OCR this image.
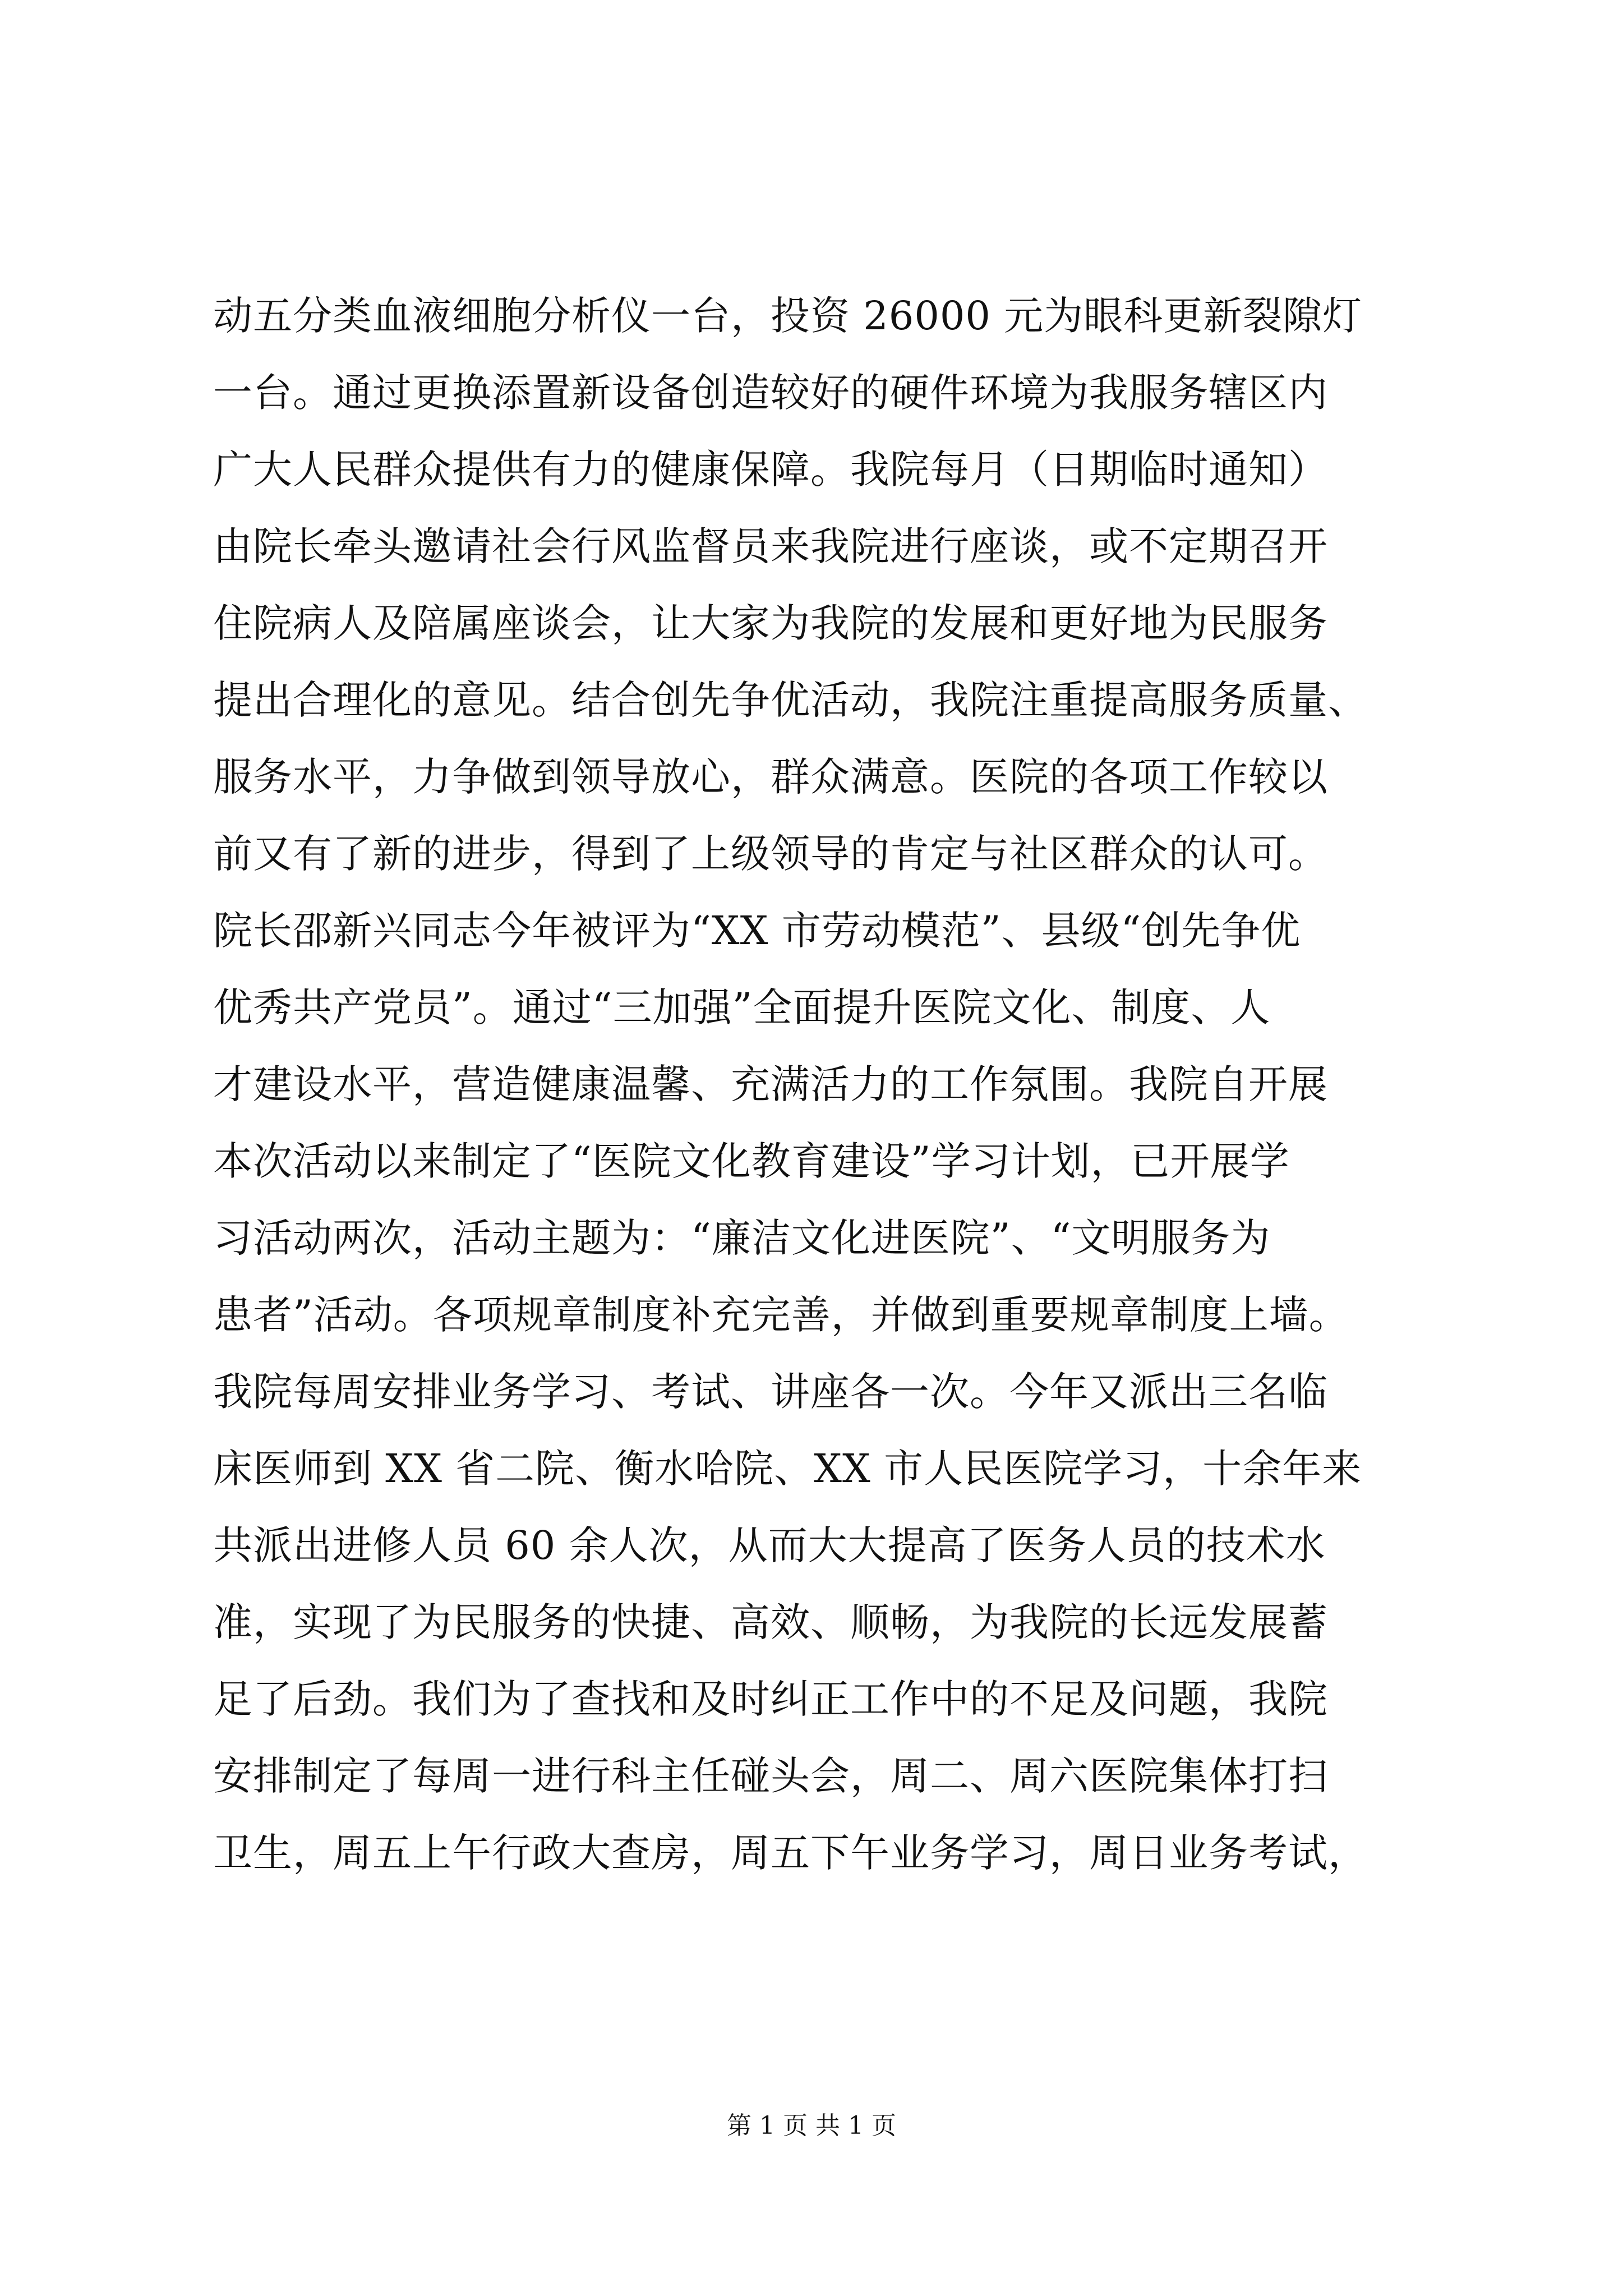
动五分类血液细胞分析仪一台，投资 26000 元为眼科更新裂隙灯
一台。通过更换添置新设备创造较好的硬件环境为我服务辖区内
广大人民群众提供有力的健康保障。我院每月（日期临时通知）
由院长牵头邀请社会行风监督员来我院进行座谈，或不定期召开
住院病人及陪属座谈会，让大家为我院的发展和更好地为民服务
提出合理化的意见。结合创先争优活动，我院注重提高服务质量、
服务水平，力争做到领导放心，群众满意。医院的各项工作较以
前又有了新的进步，得到了上级领导的肯定与社区群众的认可。
院长邵新兴同志今年被评为“XX 市劳动模范”、县级“创先争优
优秀共产党员”。通过“三加强”全面提升医院文化、制度、人
才建设水平，营造健康温馨、充满活力的工作氛围。我院自开展
本次活动以来制定了“医院文化教育建设”学习计划，已开展学
习活动两次，活动主题为：“廉洁文化进医院”、“文明服务为
患者”活动。各项规章制度补充完善，并做到重要规章制度上墙。
我院每周安排业务学习、考试、讲座各一次。今年又派出三名临
床医师到 XX 省二院、衡水哈院、XX 市人民医院学习，十余年来
共派出进修人员 60 余人次，从而大大提高了医务人员的技术水
准，实现了为民服务的快捷、高效、顺畅，为我院的长远发展蓄
足了后劲。我们为了查找和及时纠正工作中的不足及问题，我院
安排制定了每周一进行科主任碰头会，周二、周六医院集体打扫
卫生，周五上午行政大查房，周五下午业务学习，周日业务考试，
第 1 页 共 1 页
